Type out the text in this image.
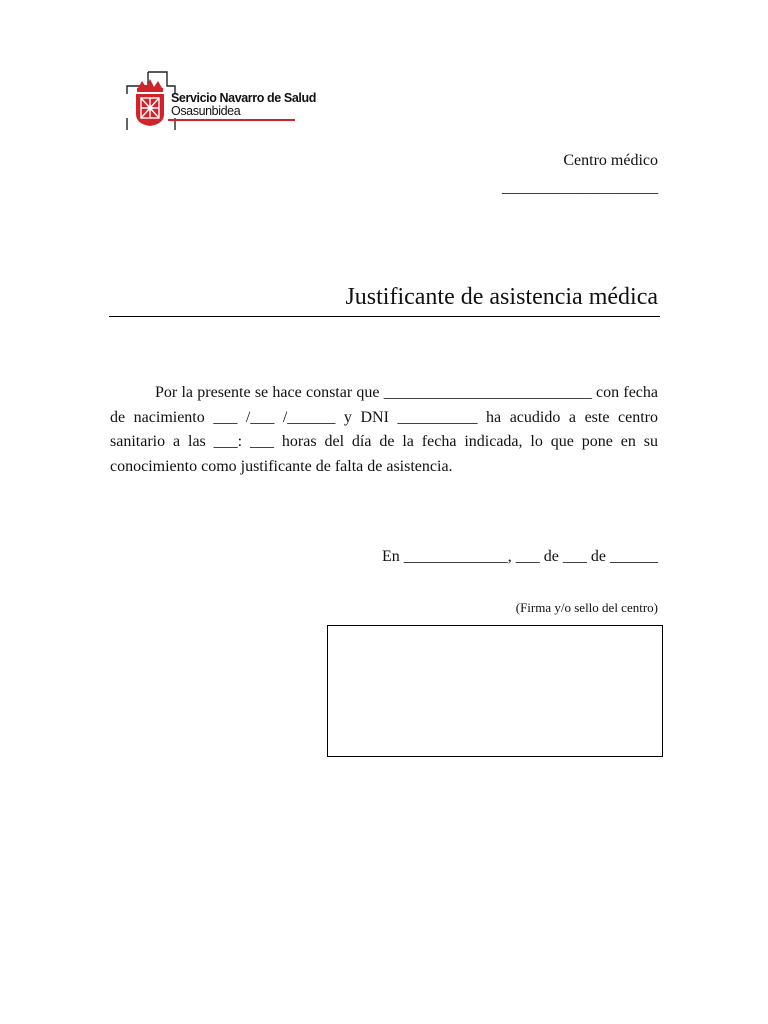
Servicio Navarro de Salud
Osasunbidea
Centro médico
____________________
Justificante de asistencia médica

Por la presente se hace constar que __________________________ con fecha de nacimiento ___ /___ /______ y DNI __________ ha acudido a este centro sanitario a las ___: ___ horas del día de la fecha indicada, lo que pone en su conocimiento como justificante de falta de asistencia.

En _____________, ___ de ___ de ______
(Firma y/o sello del centro)
